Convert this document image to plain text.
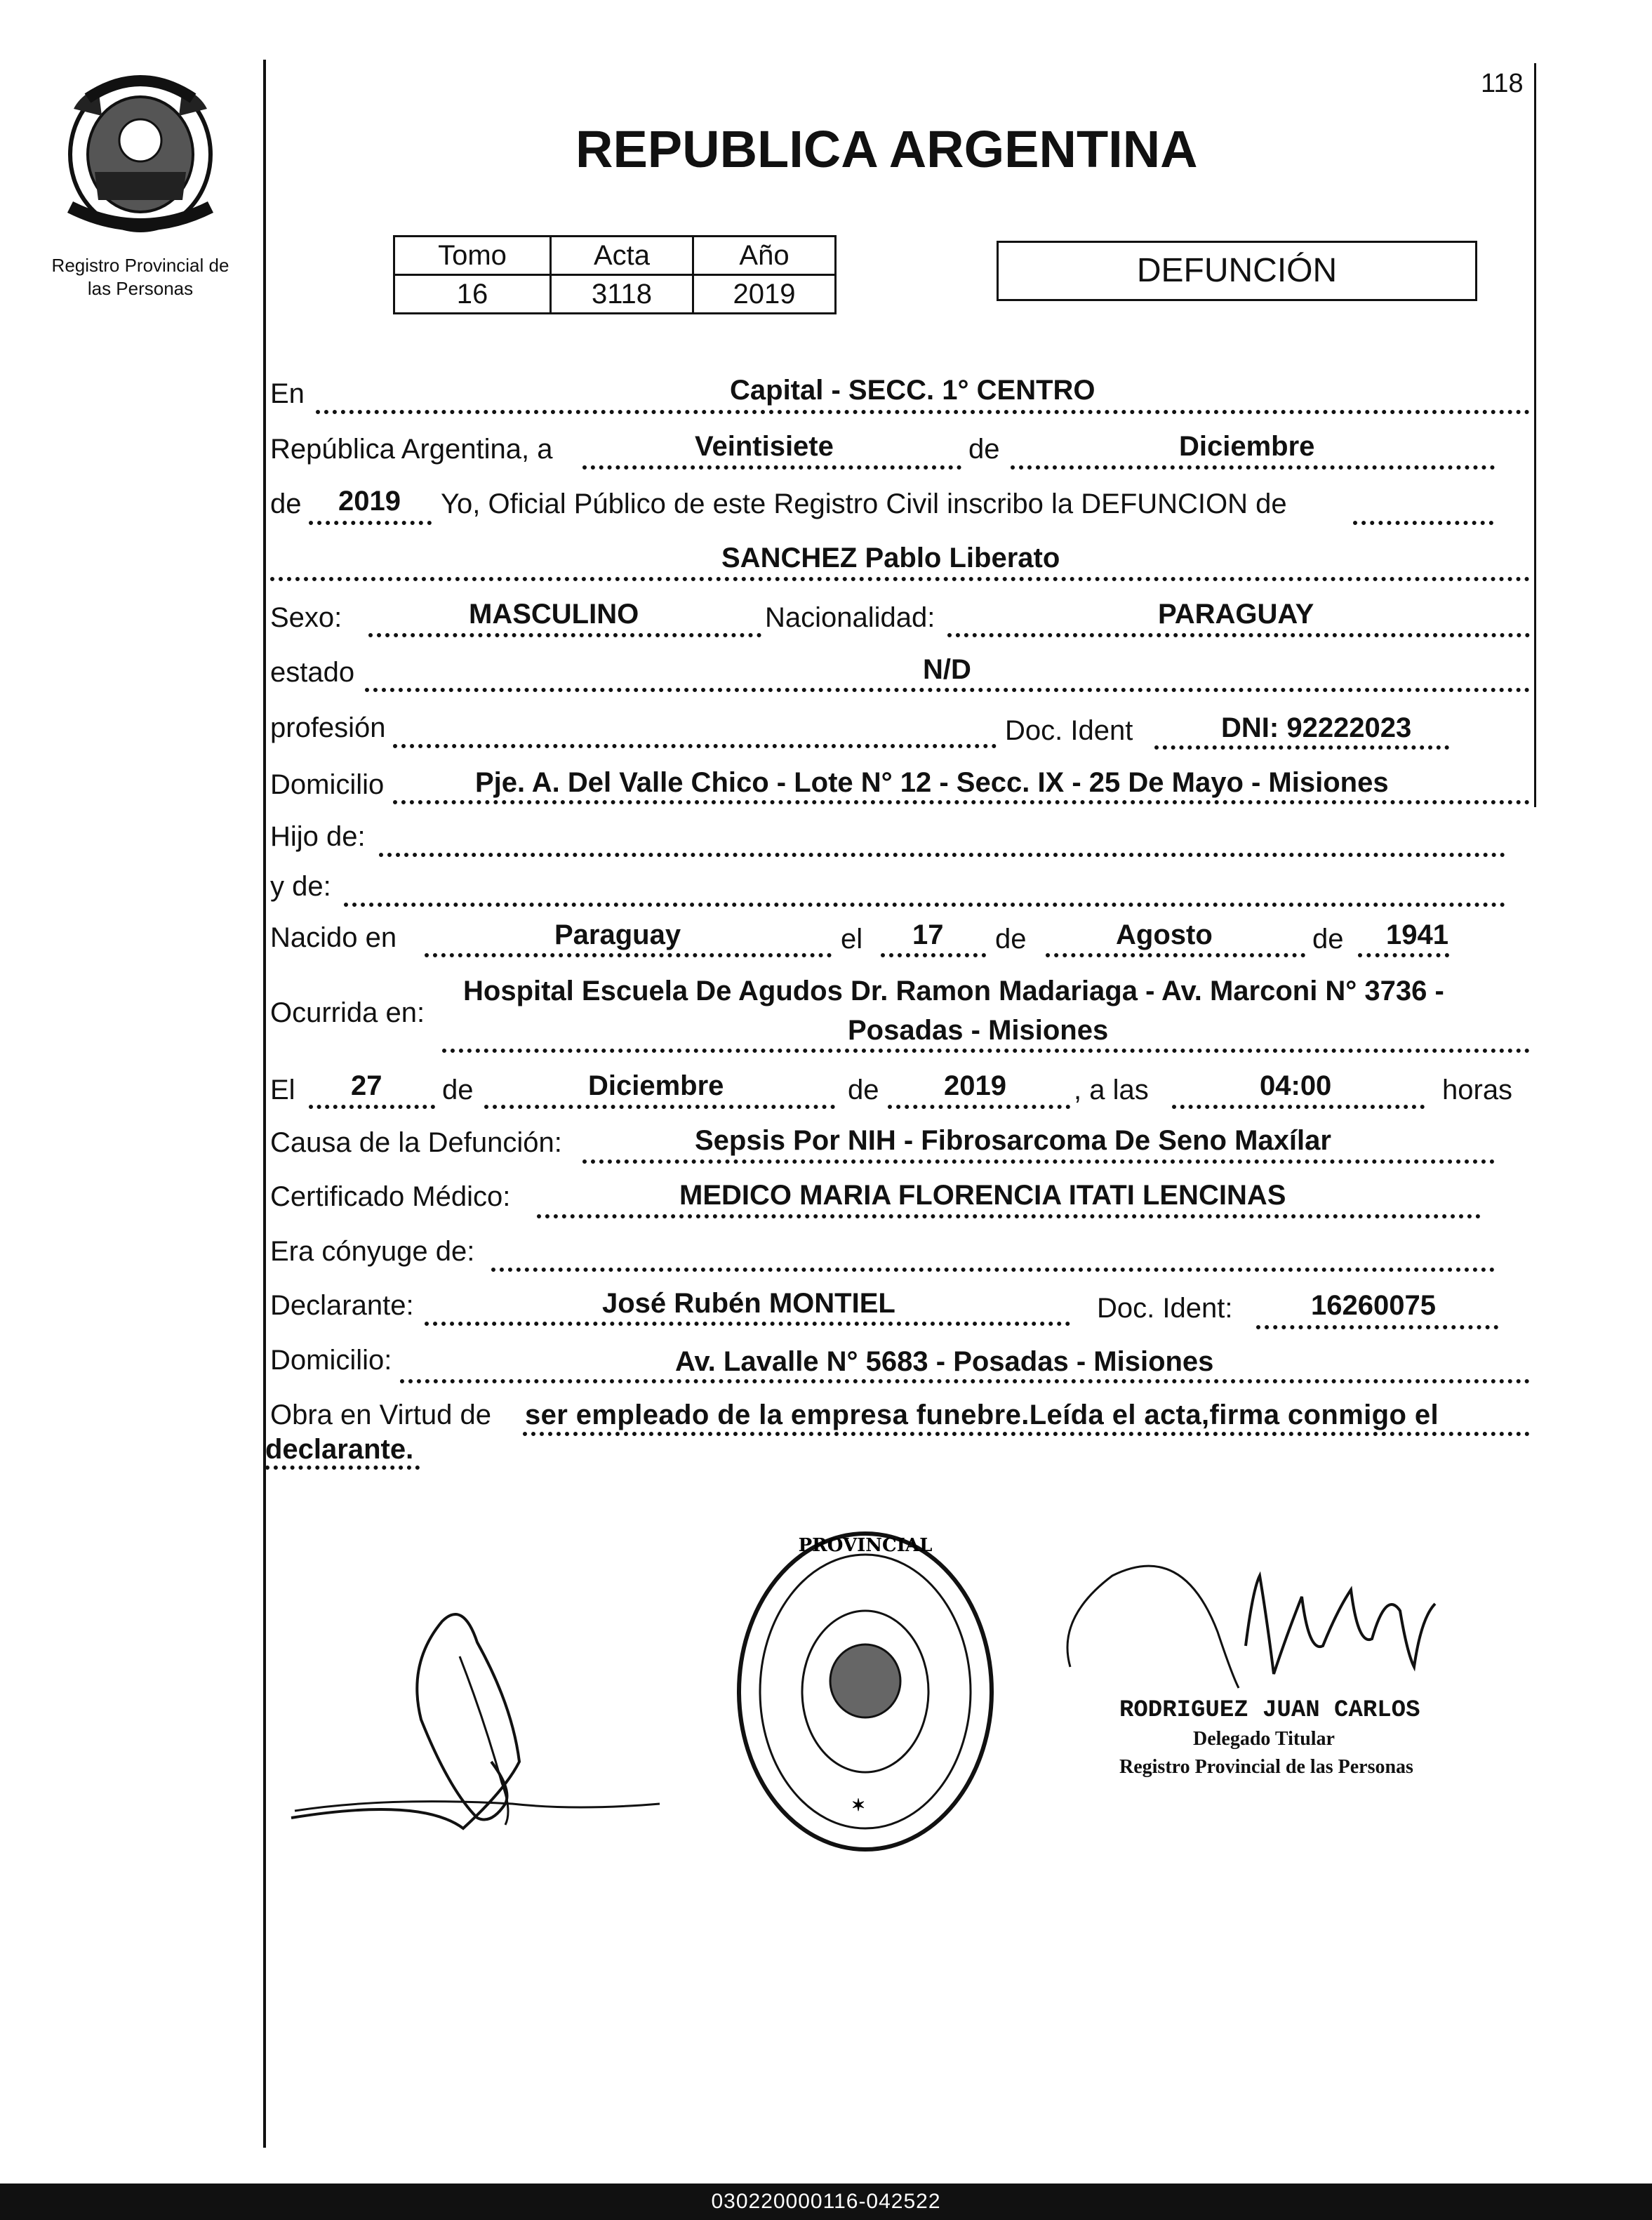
118
Registro Provincial de
las Personas
REPUBLICA ARGENTINA
Tomo	Acta	Año
16	3118	2019
DEFUNCIÓN
En	Capital - SECC. 1° CENTRO
República Argentina, a	Veintisiete	de	Diciembre
de 2019 Yo, Oficial Público de este Registro Civil inscribo la DEFUNCION de
SANCHEZ Pablo Liberato
Sexo:	MASCULINO	Nacionalidad:	PARAGUAY
estado	N/D
profesión	Doc. Ident	DNI: 92222023
Domicilio	Pje. A. Del Valle Chico - Lote N° 12 - Secc. IX - 25 De Mayo - Misiones
Hijo de:
y de:
Nacido en	Paraguay	el 17 de	Agosto	de 1941
Ocurrida en:
Hospital Escuela De Agudos Dr. Ramon Madariaga - Av. Marconi N° 3736 -
Posadas - Misiones
El 27 de	Diciembre	de 2019 , a las	04:00	horas
Causa de la Defunción:	Sepsis Por NIH - Fibrosarcoma De Seno Maxílar
Certificado Médico:	MEDICO MARIA FLORENCIA ITATI LENCINAS
Era cónyuge de:
Declarante:	José Rubén MONTIEL	Doc. Ident:	16260075
Domicilio:	Av. Lavalle N° 5683 - Posadas - Misiones
Obra en Virtud de ser empleado de la empresa funebre.Leída el acta,firma conmigo el
declarante.
PROVINCIAL
✶
RODRIGUEZ JUAN CARLOS
Delegado Titular
Registro Provincial de las Personas
030220000116-042522
